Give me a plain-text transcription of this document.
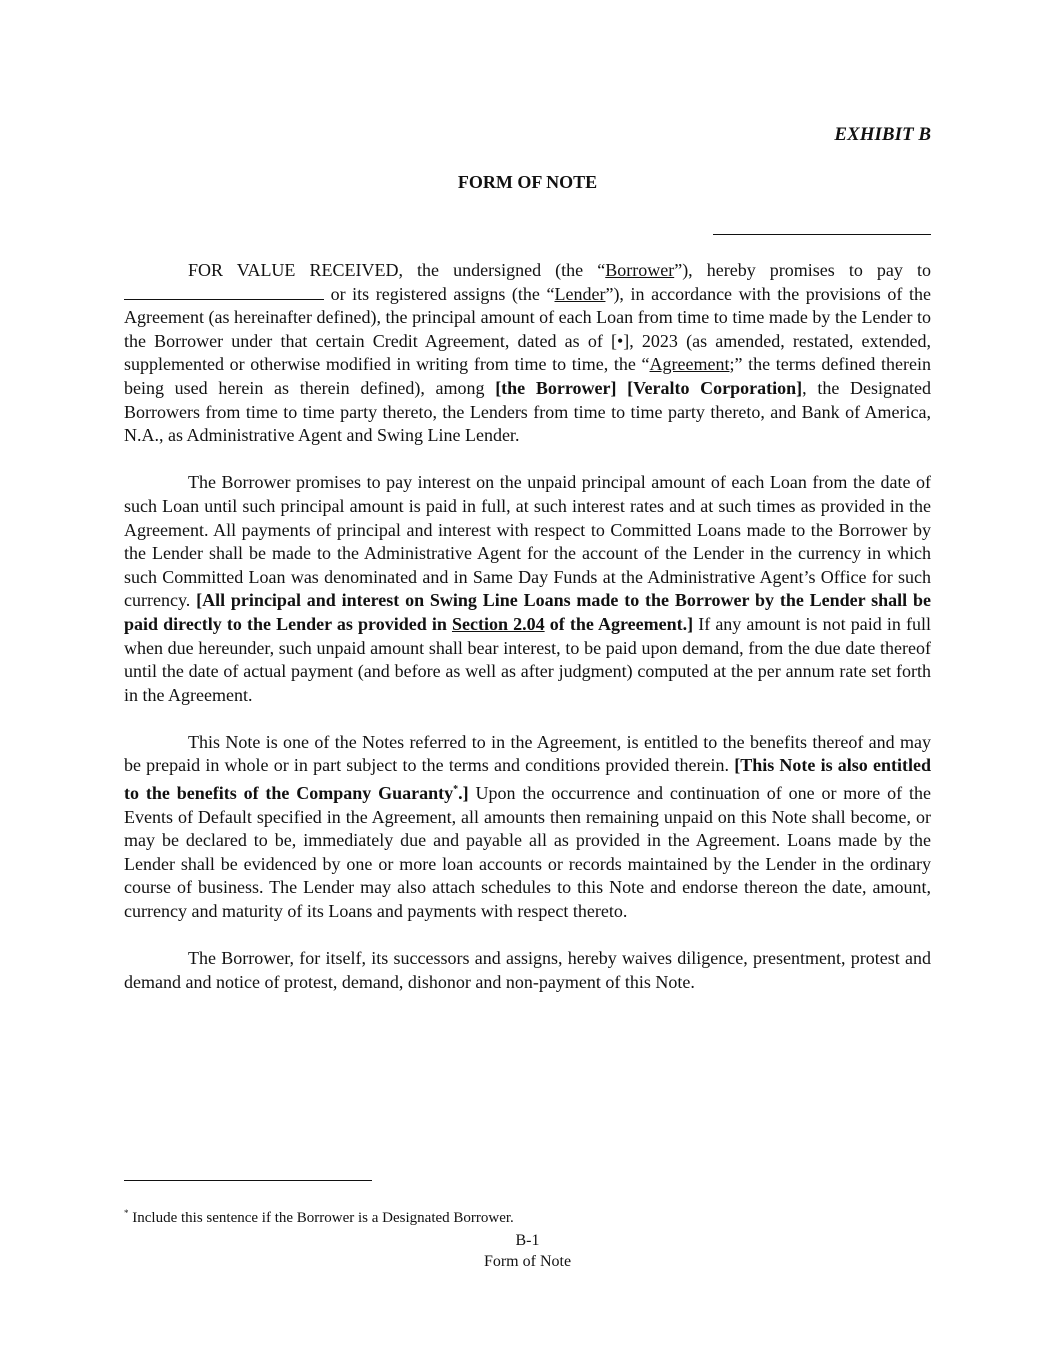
EXHIBIT B

FORM OF NOTE

FOR VALUE RECEIVED, the undersigned (the “Borrower”), hereby promises to pay to  or its registered assigns (the “Lender”), in accordance with the provisions of the Agreement (as hereinafter defined), the principal amount of each Loan from time to time made by the Lender to the Borrower under that certain Credit Agreement, dated as of [•], 2023 (as amended, restated, extended, supplemented or otherwise modified in writing from time to time, the “Agreement;” the terms defined therein being used herein as therein defined), among [the Borrower] [Veralto Corporation], the Designated Borrowers from time to time party thereto, the Lenders from time to time party thereto, and Bank of America, N.A., as Administrative Agent and Swing Line Lender.

The Borrower promises to pay interest on the unpaid principal amount of each Loan from the date of such Loan until such principal amount is paid in full, at such interest rates and at such times as provided in the Agreement. All payments of principal and interest with respect to Committed Loans made to the Borrower by the Lender shall be made to the Administrative Agent for the account of the Lender in the currency in which such Committed Loan was denominated and in Same Day Funds at the Administrative Agent’s Office for such currency. [All principal and interest on Swing Line Loans made to the Borrower by the Lender shall be paid directly to the Lender as provided in Section 2.04 of the Agreement.] If any amount is not paid in full when due hereunder, such unpaid amount shall bear interest, to be paid upon demand, from the due date thereof until the date of actual payment (and before as well as after judgment) computed at the per annum rate set forth in the Agreement.

This Note is one of the Notes referred to in the Agreement, is entitled to the benefits thereof and may be prepaid in whole or in part subject to the terms and conditions provided therein. [This Note is also entitled to the benefits of the Company Guaranty*.] Upon the occurrence and continuation of one or more of the Events of Default specified in the Agreement, all amounts then remaining unpaid on this Note shall become, or may be declared to be, immediately due and payable all as provided in the Agreement. Loans made by the Lender shall be evidenced by one or more loan accounts or records maintained by the Lender in the ordinary course of business. The Lender may also attach schedules to this Note and endorse thereon the date, amount, currency and maturity of its Loans and payments with respect thereto.

The Borrower, for itself, its successors and assigns, hereby waives diligence, presentment, protest and demand and notice of protest, demand, dishonor and non-payment of this Note.

* Include this sentence if the Borrower is a Designated Borrower.

B-1
Form of Note
